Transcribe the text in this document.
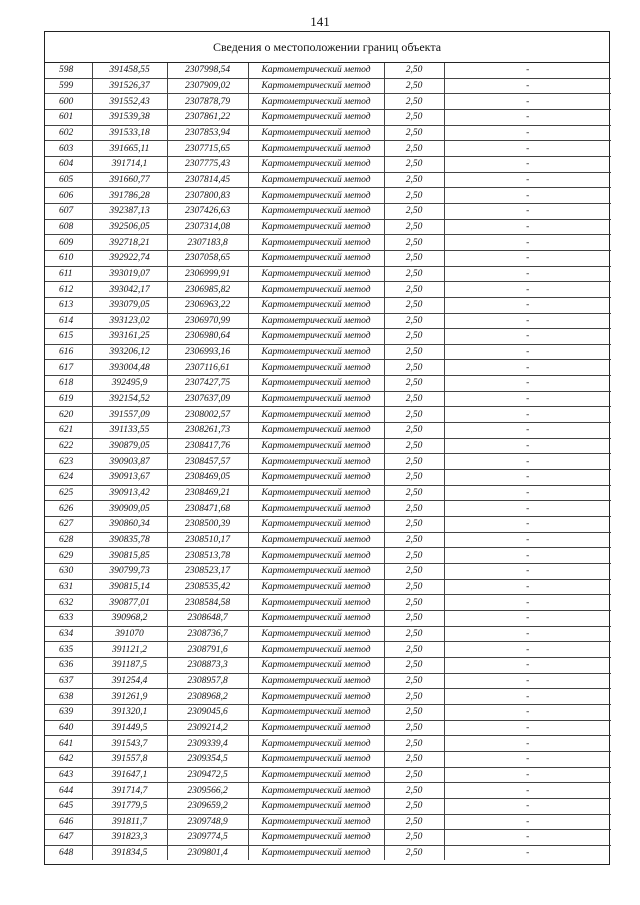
141
Сведения о местоположении границ объекта
598	391458,55	2307998,54	Картометрический метод	2,50	-
599	391526,37	2307909,02	Картометрический метод	2,50	-
600	391552,43	2307878,79	Картометрический метод	2,50	-
601	391539,38	2307861,22	Картометрический метод	2,50	-
602	391533,18	2307853,94	Картометрический метод	2,50	-
603	391665,11	2307715,65	Картометрический метод	2,50	-
604	391714,1	2307775,43	Картометрический метод	2,50	-
605	391660,77	2307814,45	Картометрический метод	2,50	-
606	391786,28	2307800,83	Картометрический метод	2,50	-
607	392387,13	2307426,63	Картометрический метод	2,50	-
608	392506,05	2307314,08	Картометрический метод	2,50	-
609	392718,21	2307183,8	Картометрический метод	2,50	-
610	392922,74	2307058,65	Картометрический метод	2,50	-
611	393019,07	2306999,91	Картометрический метод	2,50	-
612	393042,17	2306985,82	Картометрический метод	2,50	-
613	393079,05	2306963,22	Картометрический метод	2,50	-
614	393123,02	2306970,99	Картометрический метод	2,50	-
615	393161,25	2306980,64	Картометрический метод	2,50	-
616	393206,12	2306993,16	Картометрический метод	2,50	-
617	393004,48	2307116,61	Картометрический метод	2,50	-
618	392495,9	2307427,75	Картометрический метод	2,50	-
619	392154,52	2307637,09	Картометрический метод	2,50	-
620	391557,09	2308002,57	Картометрический метод	2,50	-
621	391133,55	2308261,73	Картометрический метод	2,50	-
622	390879,05	2308417,76	Картометрический метод	2,50	-
623	390903,87	2308457,57	Картометрический метод	2,50	-
624	390913,67	2308469,05	Картометрический метод	2,50	-
625	390913,42	2308469,21	Картометрический метод	2,50	-
626	390909,05	2308471,68	Картометрический метод	2,50	-
627	390860,34	2308500,39	Картометрический метод	2,50	-
628	390835,78	2308510,17	Картометрический метод	2,50	-
629	390815,85	2308513,78	Картометрический метод	2,50	-
630	390799,73	2308523,17	Картометрический метод	2,50	-
631	390815,14	2308535,42	Картометрический метод	2,50	-
632	390877,01	2308584,58	Картометрический метод	2,50	-
633	390968,2	2308648,7	Картометрический метод	2,50	-
634	391070	2308736,7	Картометрический метод	2,50	-
635	391121,2	2308791,6	Картометрический метод	2,50	-
636	391187,5	2308873,3	Картометрический метод	2,50	-
637	391254,4	2308957,8	Картометрический метод	2,50	-
638	391261,9	2308968,2	Картометрический метод	2,50	-
639	391320,1	2309045,6	Картометрический метод	2,50	-
640	391449,5	2309214,2	Картометрический метод	2,50	-
641	391543,7	2309339,4	Картометрический метод	2,50	-
642	391557,8	2309354,5	Картометрический метод	2,50	-
643	391647,1	2309472,5	Картометрический метод	2,50	-
644	391714,7	2309566,2	Картометрический метод	2,50	-
645	391779,5	2309659,2	Картометрический метод	2,50	-
646	391811,7	2309748,9	Картометрический метод	2,50	-
647	391823,3	2309774,5	Картометрический метод	2,50	-
648	391834,5	2309801,4	Картометрический метод	2,50	-
